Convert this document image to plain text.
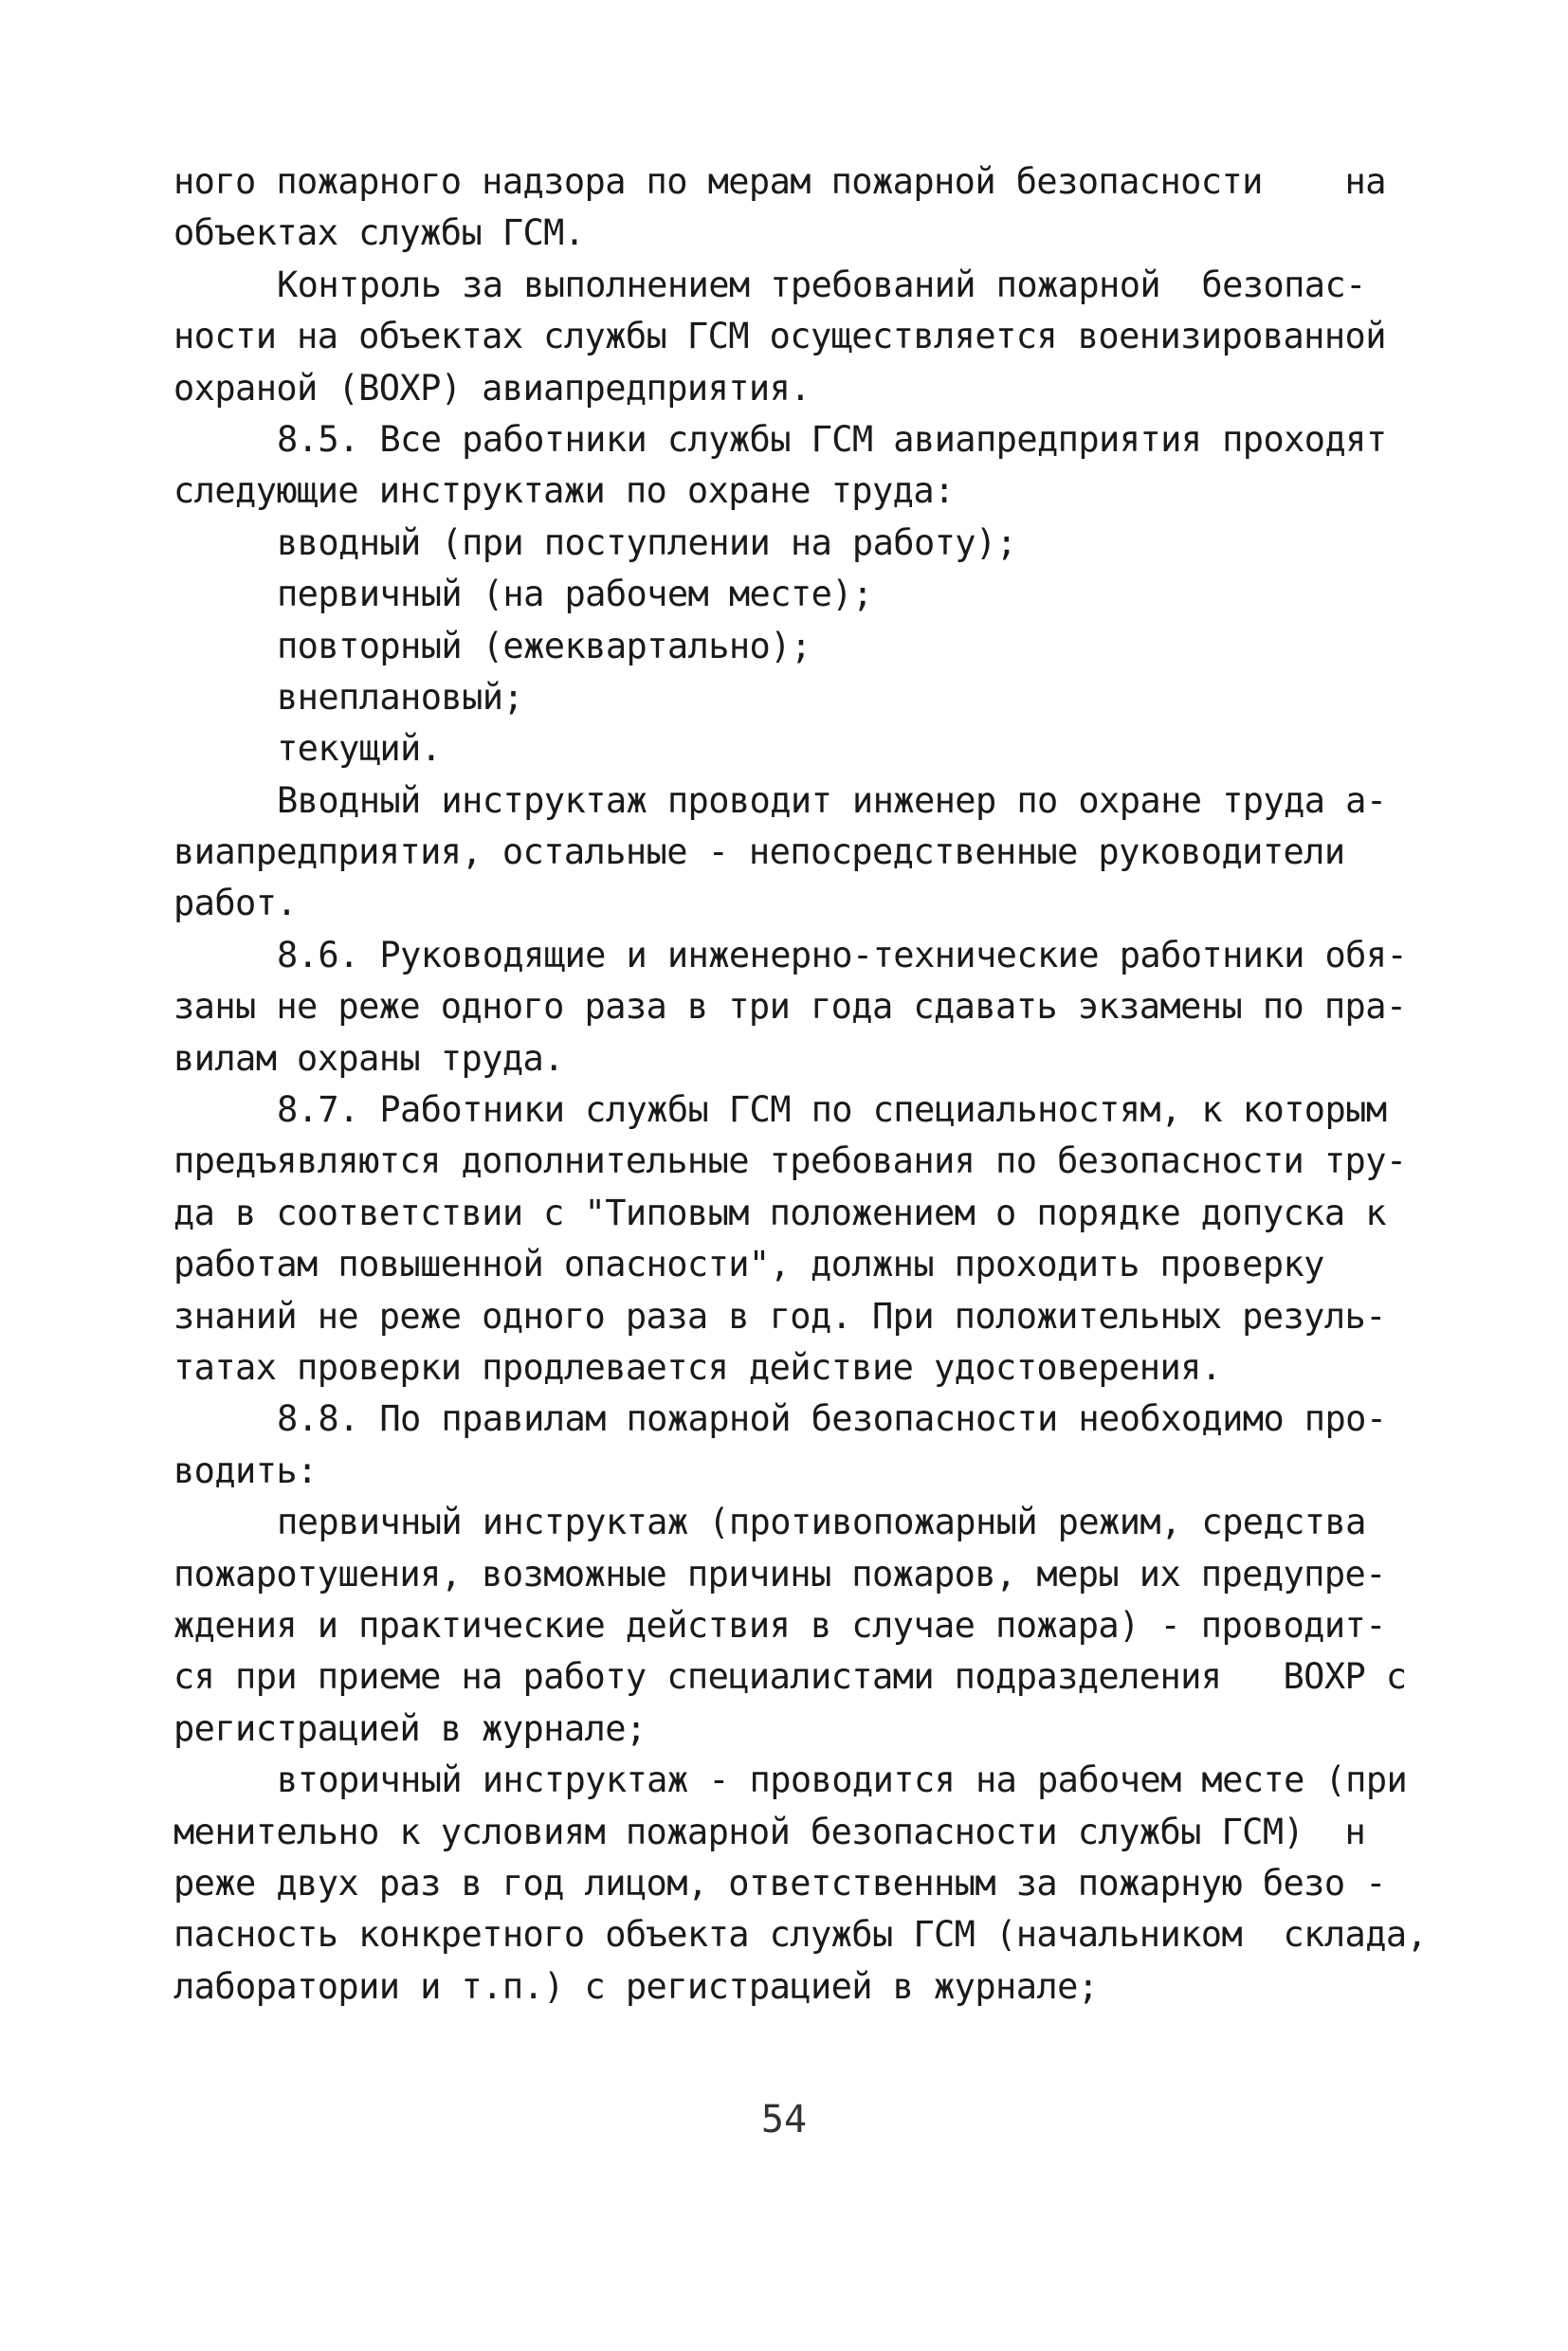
ного пожарного надзора по мерам пожарной безопасности    на
объектах службы ГСМ.
Контроль за выполнением требований пожарной  безопас-
ности на объектах службы ГСМ осуществляется военизированной
охраной (ВОХР) авиапредприятия.
8.5. Все работники службы ГСМ авиапредприятия проходят
следующие инструктажи по охране труда:
вводный (при поступлении на работу);
первичный (на рабочем месте);
повторный (ежеквартально);
внеплановый;
текущий.
Вводный инструктаж проводит инженер по охране труда а-
виапредприятия, остальные - непосредственные руководители
работ.
8.6. Руководящие и инженерно-технические работники обя-
заны не реже одного раза в три года сдавать экзамены по пра-
вилам охраны труда.
8.7. Работники службы ГСМ по специальностям, к которым
предъявляются дополнительные требования по безопасности тру-
да в соответствии с "Типовым положением о порядке допуска к
работам повышенной опасности", должны проходить проверку
знаний не реже одного раза в год. При положительных резуль-
татах проверки продлевается действие удостоверения.
8.8. По правилам пожарной безопасности необходимо про-
водить:
первичный инструктаж (противопожарный режим, средства
пожаротушения, возможные причины пожаров, меры их предупре-
ждения и практические действия в случае пожара) - проводит-
ся при приеме на работу специалистами подразделения   ВОХР с
регистрацией в журнале;
вторичный инструктаж - проводится на рабочем месте (при
менительно к условиям пожарной безопасности службы ГСМ)  н
реже двух раз в год лицом, ответственным за пожарную безо -
пасность конкретного объекта службы ГСМ (начальником  склада,
лаборатории и т.п.) с регистрацией в журнале;
54
